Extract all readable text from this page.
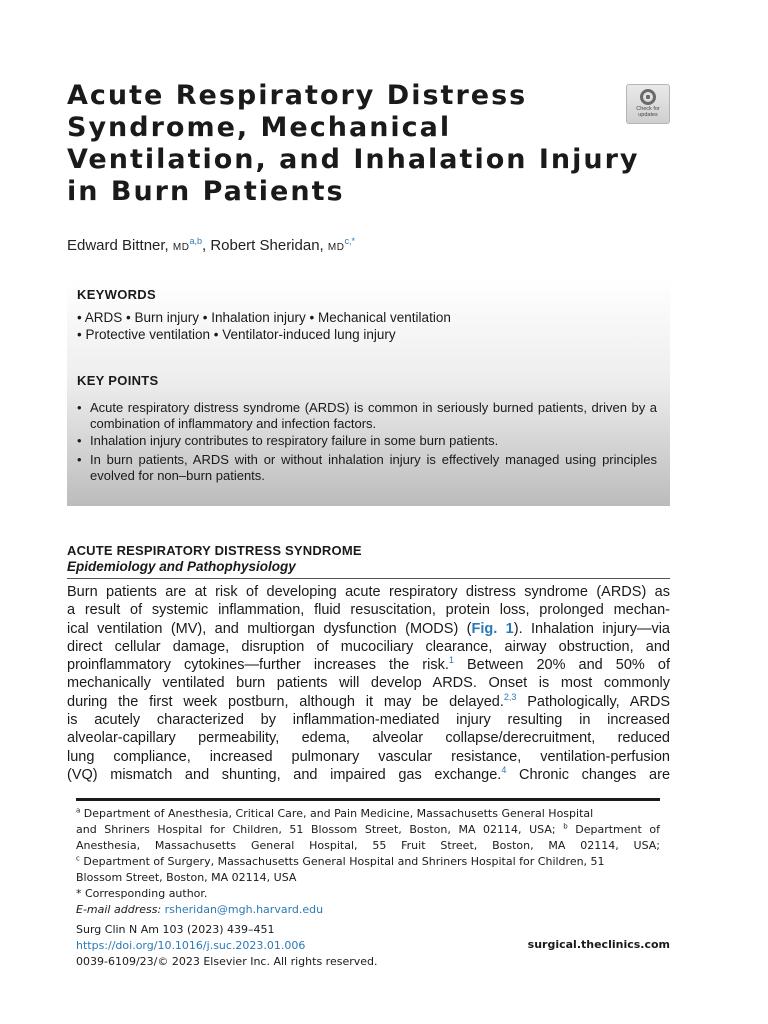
Acute Respiratory Distress
Syndrome, Mechanical
Ventilation, and Inhalation Injury
in Burn Patients
Check for updates
Edward Bittner, MD$^{a,b}$, Robert Sheridan, $MD^{c,*}$
KEYWORDS
• ARDS • Burn injury • Inhalation injury • Mechanical ventilation
• Protective ventilation • Ventilator-induced lung injury
KEY POINTS
• Acute respiratory distress syndrome (ARDS) is common in seriously burned patients, driven by a combination of inflammatory and infection factors.
• Inhalation injury contributes to respiratory failure in some burn patients.
• In burn patients, ARDS with or without inhalation injury is effectively managed using principles evolved for non–burn patients.
ACUTE RESPIRATORY DISTRESS SYNDROME
Epidemiology and Pathophysiology
Burn patients are at risk of developing acute respiratory distress syndrome (ARDS) as
a result of systemic inflammation, fluid resuscitation, protein loss, prolonged mechan-
ical ventilation (MV), and multiorgan dysfunction (MODS) (Fig. 1). Inhalation injury—via
direct cellular damage, disruption of mucociliary clearance, airway obstruction, and
proinflammatory cytokines—further increases the risk.$^1$ Between 20% and 50% of
mechanically ventilated burn patients will develop ARDS. Onset is most commonly
during the first week postburn, although it may be delayed.$^{2,3}$ Pathologically, ARDS
is acutely characterized by inflammation-mediated injury resulting in increased
alveolar-capillary permeability, edema, alveolar collapse/derecruitment, reduced
lung compliance, increased pulmonary vascular resistance, ventilation-perfusion
(VQ) mismatch and shunting, and impaired gas exchange.$^4$ Chronic changes are
$^a$ Department of Anesthesia, Critical Care, and Pain Medicine, Massachusetts General Hospital
and Shriners Hospital for Children, 51 Blossom Street, Boston, MA 02114, USA; $^b$ Department of
Anesthesia, Massachusetts General Hospital, 55 Fruit Street, Boston, MA 02114, USA;
$^c$ Department of Surgery, Massachusetts General Hospital and Shriners Hospital for Children, 51
Blossom Street, Boston, MA 02114, USA
* Corresponding author.
E-mail address: rsheridan@mgh.harvard.edu
Surg Clin N Am 103 (2023) 439–451
https://doi.org/10.1016/j.suc.2023.01.006
0039-6109/23/© 2023 Elsevier Inc. All rights reserved.
surgical.theclinics.com
